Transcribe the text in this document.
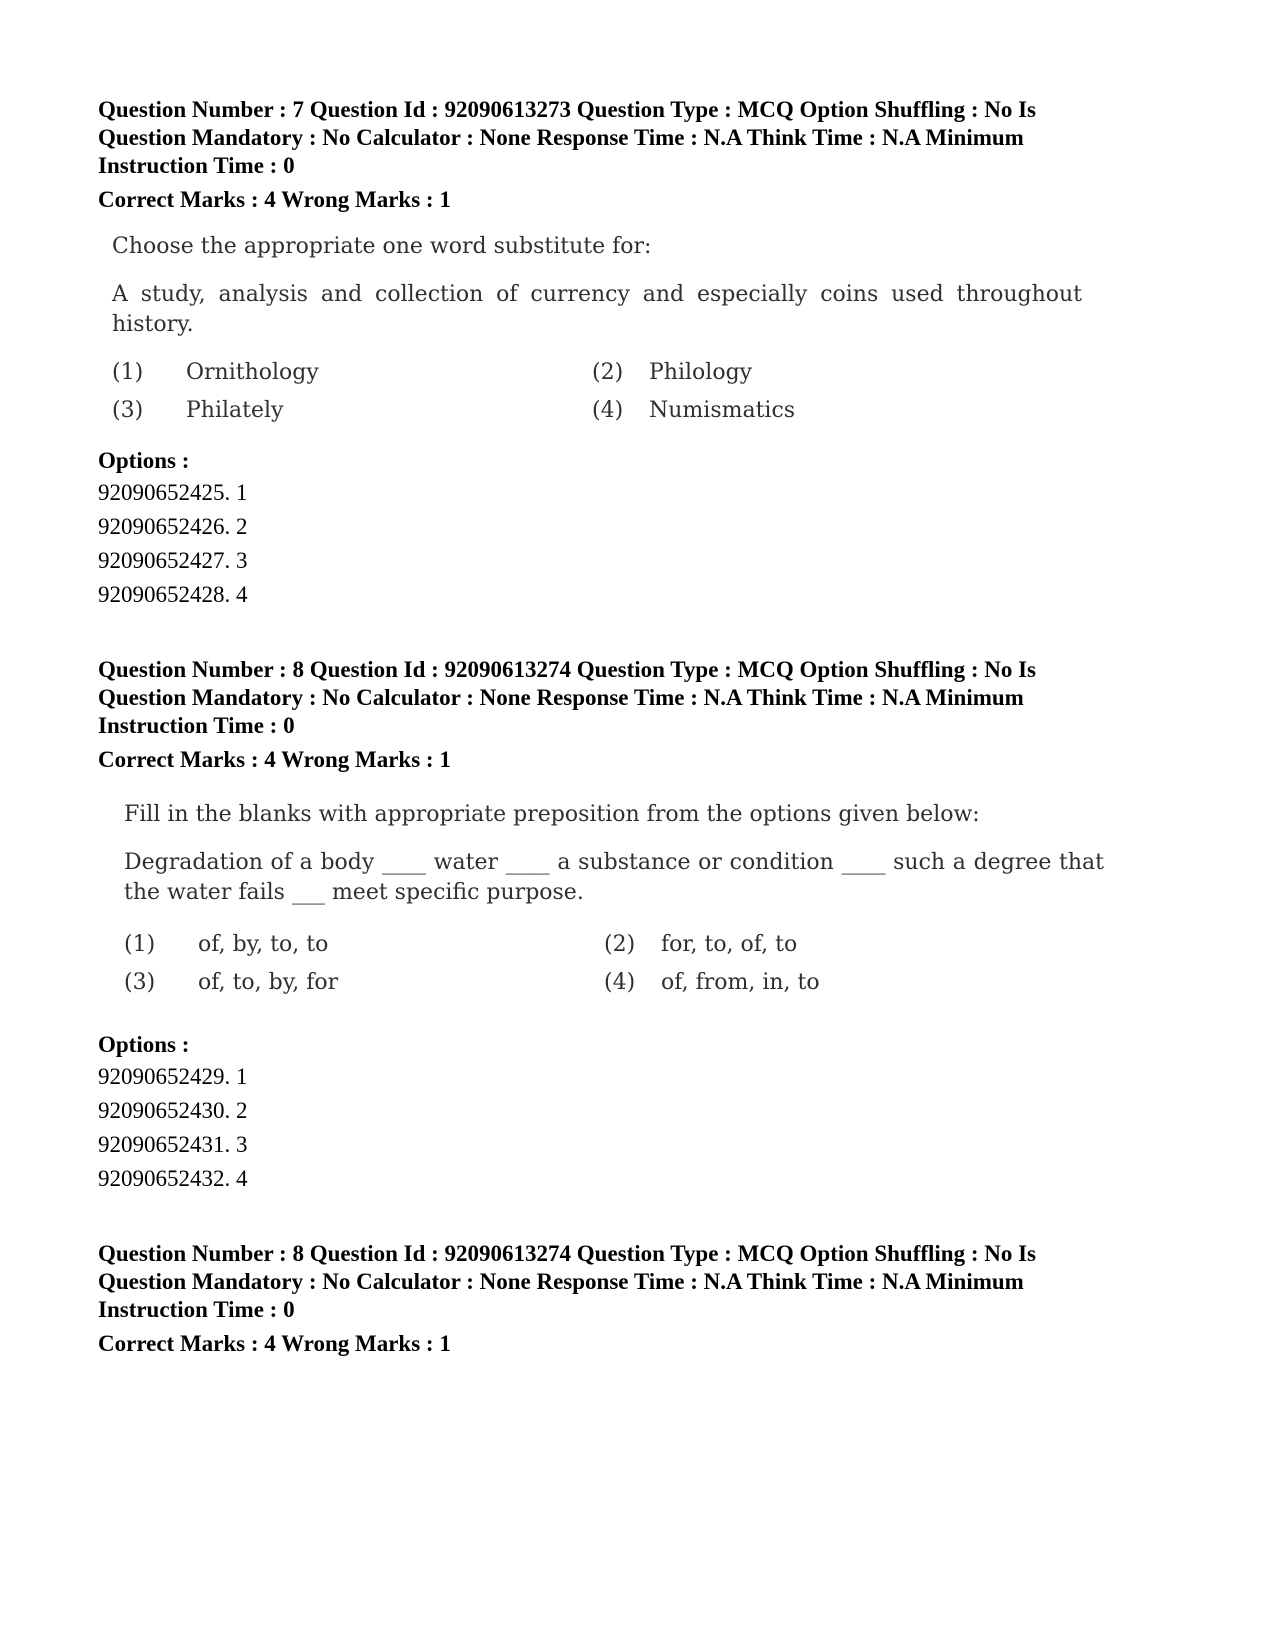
Question Number : 7 Question Id : 92090613273 Question Type : MCQ Option Shuffling : No Is Question Mandatory : No Calculator : None Response Time : N.A Think Time : N.A Minimum Instruction Time : 0

Correct Marks : 4 Wrong Marks : 1

Choose the appropriate one word substitute for:

A study, analysis and collection of currency and especially coins used throughout history.
(1)	Ornithology	(2)	Philology
(3)	Philately	(4)	Numismatics
Options :
92090652425. 1
92090652426. 2
92090652427. 3
92090652428. 4

Question Number : 8 Question Id : 92090613274 Question Type : MCQ Option Shuffling : No Is Question Mandatory : No Calculator : None Response Time : N.A Think Time : N.A Minimum Instruction Time : 0

Correct Marks : 4 Wrong Marks : 1

Fill in the blanks with appropriate preposition from the options given below:

Degradation of a body ____ water ____ a substance or condition ____ such a degree that the water fails ___ meet specific purpose.
(1)	of, by, to, to	(2)	for, to, of, to
(3)	of, to, by, for	(4)	of, from, in, to
Options :
92090652429. 1
92090652430. 2
92090652431. 3
92090652432. 4

Question Number : 8 Question Id : 92090613274 Question Type : MCQ Option Shuffling : No Is Question Mandatory : No Calculator : None Response Time : N.A Think Time : N.A Minimum Instruction Time : 0

Correct Marks : 4 Wrong Marks : 1
